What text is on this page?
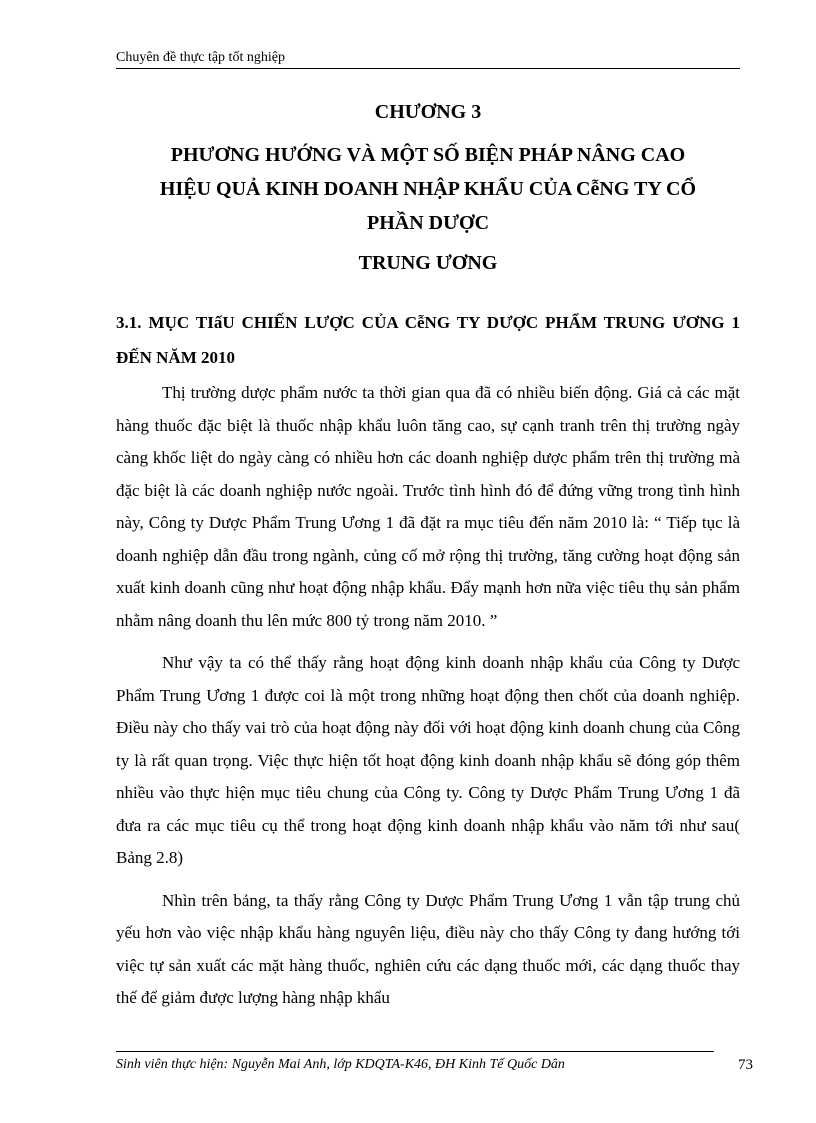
Chuyên đề thực tập tốt nghiệp
CHƯƠNG 3
PHƯƠNG HƯỚNG VÀ MỘT SỐ BIỆN PHÁP NÂNG CAO
HIỆU QUẢ KINH DOANH NHẬP KHẨU CỦA CễNG TY CỔ
PHẦN DƯỢC
TRUNG ƯƠNG
3.1. MỤC TIấU CHIẾN LƯỢC CỦA CễNG TY DƯỢC PHẨM TRUNG ƯƠNG 1 ĐẾN NĂM 2010

Thị trường dược phẩm nước ta thời gian qua đã có nhiều biến động. Giá cả các mặt hàng thuốc đặc biệt là thuốc nhập khẩu luôn tăng cao, sự cạnh tranh trên thị trường ngày càng khốc liệt do ngày càng có nhiều hơn các doanh nghiệp dược phẩm trên thị trường mà đặc biệt là các doanh nghiệp nước ngoài. Trước tình hình đó để đứng vững trong tình hình này, Công ty Dược Phẩm Trung Ương 1 đã đặt ra mục tiêu đến năm 2010 là: “ Tiếp tục là doanh nghiệp dẫn đầu trong ngành, củng cố mở rộng thị trường, tăng cường hoạt động sản xuất kinh doanh cũng như hoạt động nhập khẩu. Đẩy mạnh hơn nữa việc tiêu thụ sản phẩm nhằm nâng doanh thu lên mức 800 tỷ trong năm 2010. ”

Như vậy ta có thể thấy rằng hoạt động kinh doanh nhập khẩu của Công ty Dược Phẩm Trung Ương 1 được coi là một trong những hoạt động then chốt của doanh nghiệp. Điều này cho thấy vai trò của hoạt động này đối với hoạt động kinh doanh chung của Công ty là rất quan trọng. Việc thực hiện tốt hoạt động kinh doanh nhập khẩu sẽ đóng góp thêm nhiều vào thực hiện mục tiêu chung của Công ty. Công ty Dược Phẩm Trung Ương 1 đã đưa ra các mục tiêu cụ thể trong hoạt động kinh doanh nhập khẩu vào năm tới như sau( Bảng 2.8)

Nhìn trên bảng, ta thấy rằng Công ty Dược Phẩm Trung Ương 1 vẫn tập trung chủ yếu hơn vào việc nhập khẩu hàng nguyên liệu, điều này cho thấy Công ty đang hướng tới việc tự sản xuất các mặt hàng thuốc, nghiên cứu các dạng thuốc mới, các dạng thuốc thay thế để giảm được lượng hàng nhập khẩu

Sinh viên thực hiện: Nguyễn Mai Anh, lớp KDQTA-K46, ĐH Kinh Tế Quốc Dân	73
